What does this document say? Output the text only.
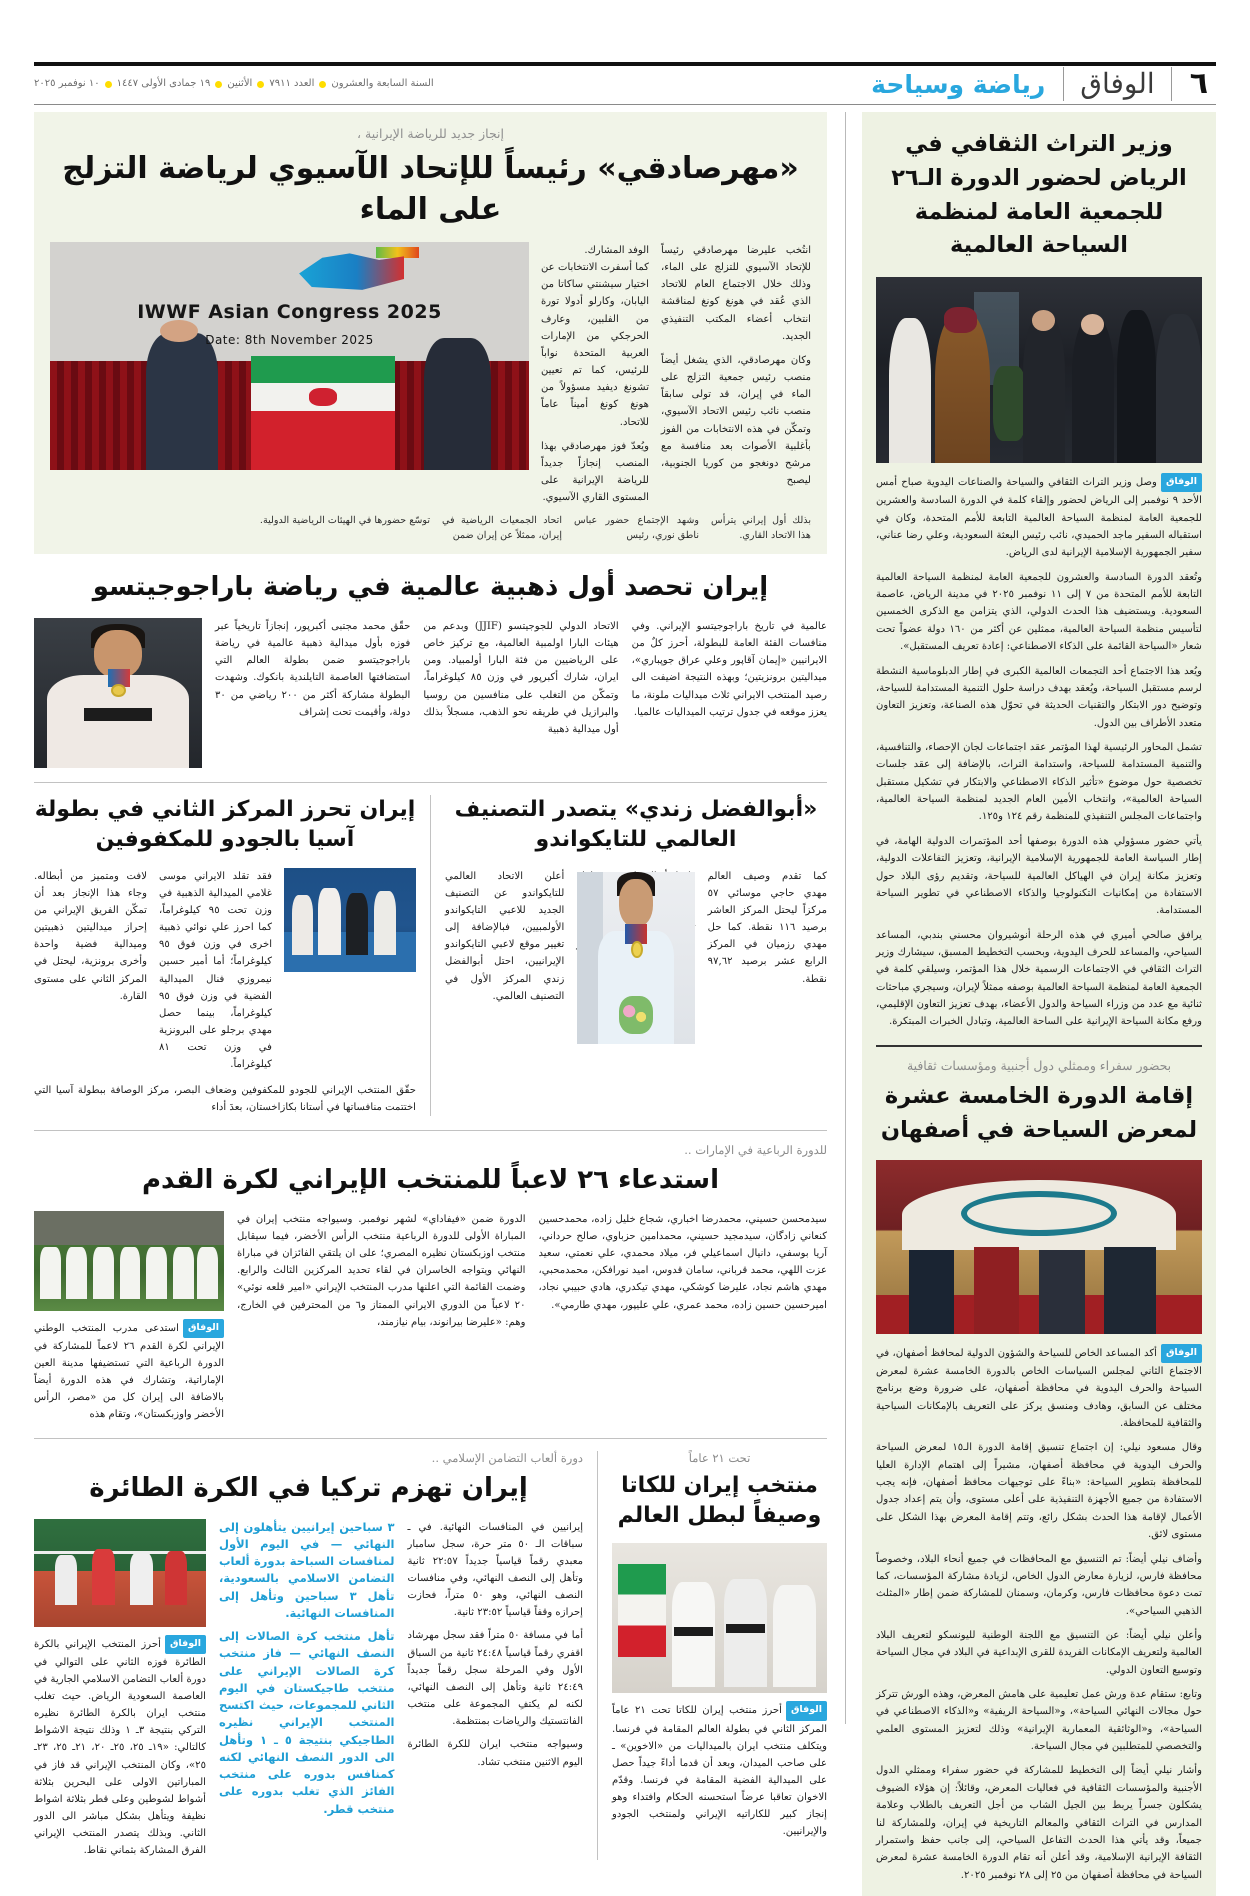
٦
الوفاق
رياضة وسياحة
السنة السابعة والعشرون
العدد ٧٩١١
الأثنين
١٩ جمادى الأولى ١٤٤٧
١٠ نوفمبر ٢٠٢٥
وزير التراث الثقافي في الرياض لحضور الدورة الـ٢٦ للجمعية العامة لمنظمة السياحة العالمية

الوفاقوصل وزير التراث الثقافي والسياحة والصناعات اليدوية صباح أمس الأحد ٩ نوفمبر إلى الرياض لحضور وإلقاء كلمة في الدورة السادسة والعشرين للجمعية العامة لمنظمة السياحة العالمية التابعة للأمم المتحدة، وكان في استقباله السفير ماجد الحميدي، نائب رئيس البعثة السعودية، وعلي رضا عناني، سفير الجمهورية الإسلامية الإيرانية لدى الرياض.

وتُعقد الدورة السادسة والعشرون للجمعية العامة لمنظمة السياحة العالمية التابعة للأمم المتحدة من ٧ إلى ١١ نوفمبر ٢٠٢٥ في مدينة الرياض، عاصمة السعودية. ويستضيف هذا الحدث الدولي، الذي يتزامن مع الذكرى الخمسين لتأسيس منظمة السياحة العالمية، ممثلين عن أكثر من ١٦٠ دولة عضواً تحت شعار «السياحة القائمة على الذكاء الاصطناعي: إعادة تعريف المستقبل».

ويُعد هذا الاجتماع أحد التجمعات العالمية الكبرى في إطار الدبلوماسية النشطة لرسم مستقبل السياحة، ويُعقد بهدف دراسة حلول التنمية المستدامة للسياحة، وتوضيح دور الابتكار والتقنيات الحديثة في تحوّل هذه الصناعة، وتعزيز التعاون متعدد الأطراف بين الدول.

تشمل المحاور الرئيسية لهذا المؤتمر عقد اجتماعات لجان الإحصاء، والتنافسية، والتنمية المستدامة للسياحة، واستدامة التراث، بالإضافة إلى عقد جلسات تخصصية حول موضوع «تأثير الذكاء الاصطناعي والابتكار في تشكيل مستقبل السياحة العالمية»، وانتخاب الأمين العام الجديد لمنظمة السياحة العالمية، واجتماعات المجلس التنفيذي للمنظمة رقم ١٢٤ و١٢٥.

يأتي حضور مسؤولي هذه الدورة بوصفها أحد المؤتمرات الدولية الهامة، في إطار السياسة العامة للجمهورية الإسلامية الإيرانية، وتعزيز التفاعلات الدولية، وتعزيز مكانة إيران في الهياكل العالمية للسياحة، وتقديم رؤى البلاد حول الاستفادة من إمكانيات التكنولوجيا والذكاء الاصطناعي في تطوير السياحة المستدامة.

يرافق صالحي أميري في هذه الرحلة أنوشيروان محسني بندبي، المساعد السياحي، والمساعد للحرف اليدوية، وبحسب التخطيط المسبق، سيشارك وزير التراث الثقافي في الاجتماعات الرسمية خلال هذا المؤتمر، وسيلقي كلمة في الجمعية العامة لمنظمة السياحة العالمية بوصفه ممثلاً لإيران، وسيجري مباحثات ثنائية مع عدد من وزراء السياحة والدول الأعضاء، بهدف تعزيز التعاون الإقليمي، ورفع مكانة السياحة الإيرانية على الساحة العالمية، وتبادل الخبرات المبتكرة.

بحضور سفراء وممثلي دول أجنبية ومؤسسات ثقافية
إقامة الدورة الخامسة عشرة لمعرض السياحة في أصفهان

الوفاقأكد المساعد الخاص للسياحة والشؤون الدولية لمحافظ أصفهان، في الاجتماع الثاني لمجلس السياسات الخاص بالدورة الخامسة عشرة لمعرض السياحة والحرف اليدوية في محافظة أصفهان، على ضرورة وضع برنامج مختلف عن السابق، وهادف ومنسق يركز على التعريف بالإمكانات السياحية والثقافية للمحافظة.

وقال مسعود نيلي: إن اجتماع تنسيق إقامة الدورة الـ١٥ لمعرض السياحة والحرف اليدوية في محافظة أصفهان، مشيراً إلى اهتمام الإدارة العليا للمحافظة بتطوير السياحة: «بناءً على توجيهات محافظ أصفهان، فإنه يجب الاستفادة من جميع الأجهزة التنفيذية على أعلى مستوى، وأن يتم إعداد جدول الأعمال لإقامة هذا الحدث بشكل رائع، وتتم إقامة المعرض بهذا الشكل على مستوى لائق.

وأضاف نيلي أيضاً: تم التنسيق مع المحافظات في جميع أنحاء البلاد، وخصوصاً محافظة فارس، لزيارة معارض الدول الخاص، لزيادة مشاركة المؤسسات، كما تمت دعوة محافظات فارس، وكرمان، وسمنان للمشاركة ضمن إطار «المثلث الذهبي السياحي».

وأعلن نيلي أيضاً: عن التنسيق مع اللجنة الوطنية لليونسكو لتعريف البلاد العالمية ولتعريف الإمكانات الفريدة للقرى الإبداعية في البلاد في مجال السياحة وتوسيع التعاون الدولي.

وتابع: ستقام عدة ورش عمل تعليمية على هامش المعرض، وهذه الورش تتركز حول مجالات النهائي السياحة»، و«السياحة الريفية» و«الذكاء الاصطناعي في السياحة»، و«الوثائقية المعمارية الإيرانية» وذلك لتعزيز المستوى العلمي والتخصصي للمتطلبين في مجال السياحة.

وأشار نيلي أيضاً إلى التخطيط للمشاركة في حضور سفراء وممثلي الدول الأجنبية والمؤسسات الثقافية في فعاليات المعرض، وقائلاً: إن هؤلاء الضيوف يشكلون جسراً يربط بين الجيل الشاب من أجل التعريف بالطلاب وعلامة المدارس في التراث الثقافي والمعالم التاريخية في إيران، وللمشاركة لنا جميعاً، وقد يأتي هذا الحدث التفاعل السياحي، إلى جانب حفظ واستمرار الثقافة الإيرانية الإسلامية، وقد أعلن أنه تقام الدورة الخامسة عشرة لمعرض السياحة في محافظة أصفهان من ٢٥ إلى ٢٨ نوفمبر ٢٠٢٥.

إنجاز جديد للرياضة الإيرانية ،
«مهرصادقي» رئيساً للإتحاد الآسيوي لرياضة التزلج على الماء

انتُخب عليرضا مهرصادقي رئيساً للإتحاد الآسيوي للتزلج على الماء، وذلك خلال الاجتماع العام للاتحاد الذي عُقد في هونغ كونغ لمناقشة انتخاب أعضاء المكتب التنفيذي الجديد.

وكان مهرصادقي، الذي يشغل أيضاً منصب رئيس جمعية التزلج على الماء في إيران، قد تولى سابقاً منصب نائب رئيس الاتحاد الآسيوي، وتمكّن في هذه الانتخابات من الفوز بأغلبية الأصوات بعد منافسة مع مرشح دونغجو من كوريا الجنوبية، ليصبح

الوفد المشارك.

كما أسفرت الانتخابات عن اختيار سيشنتي ساكاتا من اليابان، وكارلو أدولا تورة من الفلبين، وعارف الحرجكي من الإمارات العربية المتحدة نواباً للرئيس، كما تم تعيين تشونغ ديفيد مسؤولاً من هونغ كونغ أميناً عاماً للاتحاد.

ويُعدّ فوز مهرصادقي بهذا المنصب إنجازاً جديداً للرياضة الإيرانية على المستوى القاري الآسيوي.

2025 IWWF Asian Congress
Date: 8th November 2025
بذلك أول إيراني يترأس هذا الاتحاد القاري.
وشهد الإجتماع حضور عباس ناطق نوري، رئيس
اتحاد الجمعيات الرياضية في إيران، ممثلاً عن إيران ضمن
توسّع حضورها في الهيئات الرياضية الدولية.
إيران تحصد أول ذهبية عالمية في رياضة باراجوجيتسو
عالمية في تاريخ باراجوجيتسو الإيراني. وفي منافسات الفئة العامة للبطولة، أحرز كلٌ من الايرانيين «إيمان آقاپور وعلي عراق جوپباري»، ميداليتين برونزيتين؛ وبهذه النتيجة اضيفت الى رصيد المنتخب الايراني ثلاث ميداليات ملونة، ما يعزز موقعه في جدول ترتيب الميداليات عالميا.
الاتحاد الدولي للجوجيتسو (JJIF) وبدعم من هيئات البارا اولمبية العالمية، مع تركيز خاص على الرياضيين من فئة البارا أولمبياد. ومن ايران، شارك أكبرپور في وزن ٨٥ كيلوغراماً، وتمكّن من التغلب على منافسين من روسيا والبرازيل في طريقه نحو الذهب، مسجلاً بذلك أول ميدالية ذهبية
حقّق محمد مجتبى أكبرپور، إنجازاً تاريخياً عبر فوزه بأول ميدالية ذهبية عالمية في رياضة باراجوجيتسو ضمن بطولة العالم التي استضافتها العاصمة التايلندية بانكوك. وشهدت البطولة مشاركة أكثر من ٢٠٠ رياضي من ٣٠ دولة، وأقيمت تحت إشراف
«أبوالفضل زندي» يتصدر التصنيف العالمي للتايكواندو
كما تقدم وصيف العالم مهدي حاجي موسائي ٥٧ مركزاً ليحتل المركز العاشر برصيد ١١٦ نقطة. كما حل مهدي رزميان في المركز الرابع عشر برصيد ٩٧,٦٢ نقطة.
أعلن الاتحاد العالمي للتايكواندو عن التصنيف الجديد للاعبي التايكواندو الأولمبيين، فبالإضافة إلى تغيير موقع لاعبي التايكواندو الإيرانيين، احتل أبوالفضل زندي المركز الأول في التصنيف العالمي.
إيران تحرز المركز الثاني في بطولة آسيا بالجودو للمكفوفين
فقد تقلد الايراني موسى غلامي الميدالية الذهبية في وزن تحت ٩٥ كيلوغراماً، كما احرز علي نوائي ذهبية اخرى في وزن فوق ٩٥ كيلوغراماً؛ أما أمير حسين نيمروزي فنال الميدالية الفضية في وزن فوق ٩٥ كيلوغراماً، بينما حصل مهدي برجلو على البرونزية في وزن تحت ٨١ كيلوغراماً.
لافت ومتميز من أبطاله. وجاء هذا الإنجاز بعد أن تمكّن الفريق الإيراني من إحراز ميداليتين ذهبيتين وميدالية فضية واحدة وأخرى برونزية، ليحتل في المركز الثاني على مستوى القارة.
حقّق المنتخب الإيراني للجودو للمكفوفين وضعاف البصر، مركز الوصافة ببطولة آسيا التي اختتمت منافساتها في أستانا بكازاخستان، بعدَ أداء
للدورة الرباعية في الإمارات ..
استدعاء ٢٦ لاعباً للمنتخب الإيراني لكرة القدم
سيدمحسن حسيني، محمدرضا اخباري، شجاع خليل زاده، محمدحسين كنعاني زادگان، سيدمجيد حسيني، محمدامين حزباوي، صالح حرداني، آريا بوسفي، دانيال اسماعيلي فر، ميلاد محمدي، علي نعمتي، سعيد عزت اللهي، محمد قرباني، سامان قدوس، اميد نورافكن، محمدمحبي، مهدي هاشم نجاد، عليرضا كوشكي، مهدي تيكدري، هادي حبيبي نجاد، اميرحسين حسين زاده، محمد عمري، علي عليپور، مهدي طارمي».
الدورة ضمن «فيفاداي» لشهر نوفمبر. وسيواجه منتخب إيران في المباراة الأولى للدورة الرباعية منتخب الرأس الأخضر، فيما سيقابل منتخب اوزبكستان نظيره المصري؛ على ان يلتقي الفائزان في مباراة النهائي ويتواجه الخاسران في لقاء تحديد المركزين الثالث والرابع. وضمت القائمة التي اعلنها مدرب المنتخب الإيراني «امير قلعه نوئي» ٢٠ لاعباً من الدوري الايراني الممتاز و٦ من المحترفين في الخارج، وهم: «عليرضا بيرانوند، بيام نيازمند،
الوفاقاستدعى مدرب المنتخب الوطني الإيراني لكرة القدم ٢٦ لاعماً للمشاركة في الدورة الرباعية التي تستضيفها مدينة العين الإماراتية، وتشارك في هذه الدورة أيضاً بالاضافة الى إيران كل من «مصر، الرأس الأخضر واوزبكستان»، وتقام هذه
تحت ٢١ عاماً
منتخب إيران للكاتا وصيفاً لبطل العالم
الوفاقأحرز منتخب إيران للكاتا تحت ٢١ عاماً المركز الثاني في بطولة العالم المقامة في فرنسا. ويتكلف منتخب ايران بالميداليات من «الاخوين» ـ على صاحب الميدان، وبعد أن قدما أداءً جيداً حصل على الميدالية الفضية المقامة في فرنسا. وقدّم الاخوان تعاقبا عرضاً استحسنه الحكام وافتداء وهو إنجاز كبير للكاراتيه الإيراني ولمنتخب الجودو والإيرانيين.
دورة ألعاب التضامن الإسلامي ..
إيران تهزم تركيا في الكرة الطائرة

إيرانيين في المنافسات النهائية. في ـ سباقات الـ ٥٠ متر حرة، سجل سامبار معبدي رقماً قياسياً جديداً ٢٢:٥٧ ثانية وتأهل إلى النصف النهائي، وفي منافسات النصف النهائي، وهو ٥٠ متراً، فحازت إحرازه وقفاً قياسياً ٢٣:٥٢ ثانية.

أما في مسافة ٥٠ متراً فقد سجل مهرشاد اقفري رقماً قياسياً ٢٤:٤٨ ثانية من السباق الأول وفي المرحلة سجل رقماً جديداً ٢٤:٤٩ ثانية وتأهل إلى النصف النهائي، لكنه لم يكتفِ المجموعة على منتخب الفانتستيك والرياضات بمنتظمة.

وسيواجه منتخب ايران للكرة الطائرة اليوم الاثنين منتخب تشاد.

٣ سباحين إيرانيين يتأهلون إلى النهائي — في اليوم الأول لمنافسات السباحة بدورة ألعاب التضامن الاسلامي بالسعودية، تأهل ٣ سباحين وتأهل إلى المنافسات النهائية.

تأهل منتخب كرة الصالات إلى النصف النهائي — فاز منتخب كرة الصالات الإيراني على منتخب طاجيكستان في اليوم الثاني للمجموعات، حيث اكتسح المنتخب الإيراني نظيره الطاجيكي بنتيجة ٥ ـ ١ وتأهل الى الدور النصف النهائي لكنه كمنافس بدوره على منتخب الفائز الذي تغلب بدوره على منتخب قطر.

الوفاقأحرز المنتخب الإيراني بالكرة الطائرة فوزه الثاني على التوالي في دورة ألعاب التضامن الاسلامي الجارية في العاصمة السعودية الرياض. حيث تغلب منتخب ايران بالكرة الطائرة نظيره التركي بنتيجة ٣ـ ١ وذلك نتيجة الاشواط كالتالي: «١٩ـ ٢٥، ٢٥ـ ٢٠، ٢١ـ ٢٥، ٢٣ـ ٢٥»، وكان المنتخب الإيراني قد فاز في المباراتين الاولى على البحرين بثلاثة أشواط لشوطين وعلى قطر بثلاثة اشواط نظيفة ويتأهل بشكل مباشر الى الدور الثاني. وبذلك يتصدر المنتخب الإيراني الفرق المشاركة بثماني نقاط.
